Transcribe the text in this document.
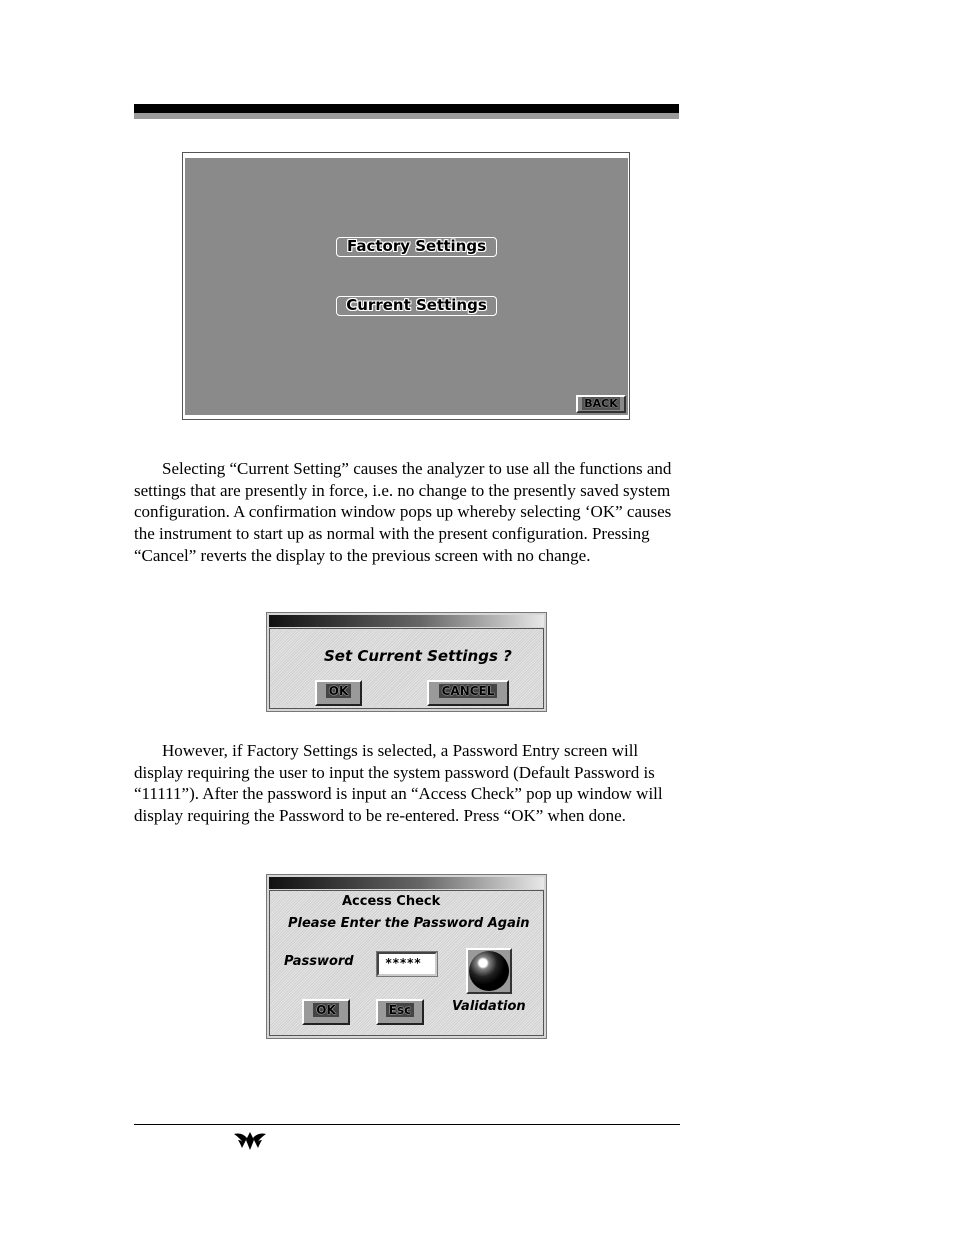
Factory Settings
Current Settings
BACK

Selecting “Current Setting” causes the analyzer to use all the functions and settings that are presently in force, i.e. no change to the presently saved system configuration. A confirmation window pops up whereby selecting ‘OK” causes the instrument to start up as normal with the present configuration. Pressing “Cancel” reverts the display to the previous screen with no change.

Set Current Settings ?
OK	CANCEL

However, if Factory Settings is selected, a Password Entry screen will display requiring the user to input the system password (Default Password is “11111”). After the password is input an “Access Check” pop up window will display requiring the Password to be re-entered. Press “OK” when done.

Access Check
Please Enter the Password Again
Password	*****
Validation
OK	Esc
